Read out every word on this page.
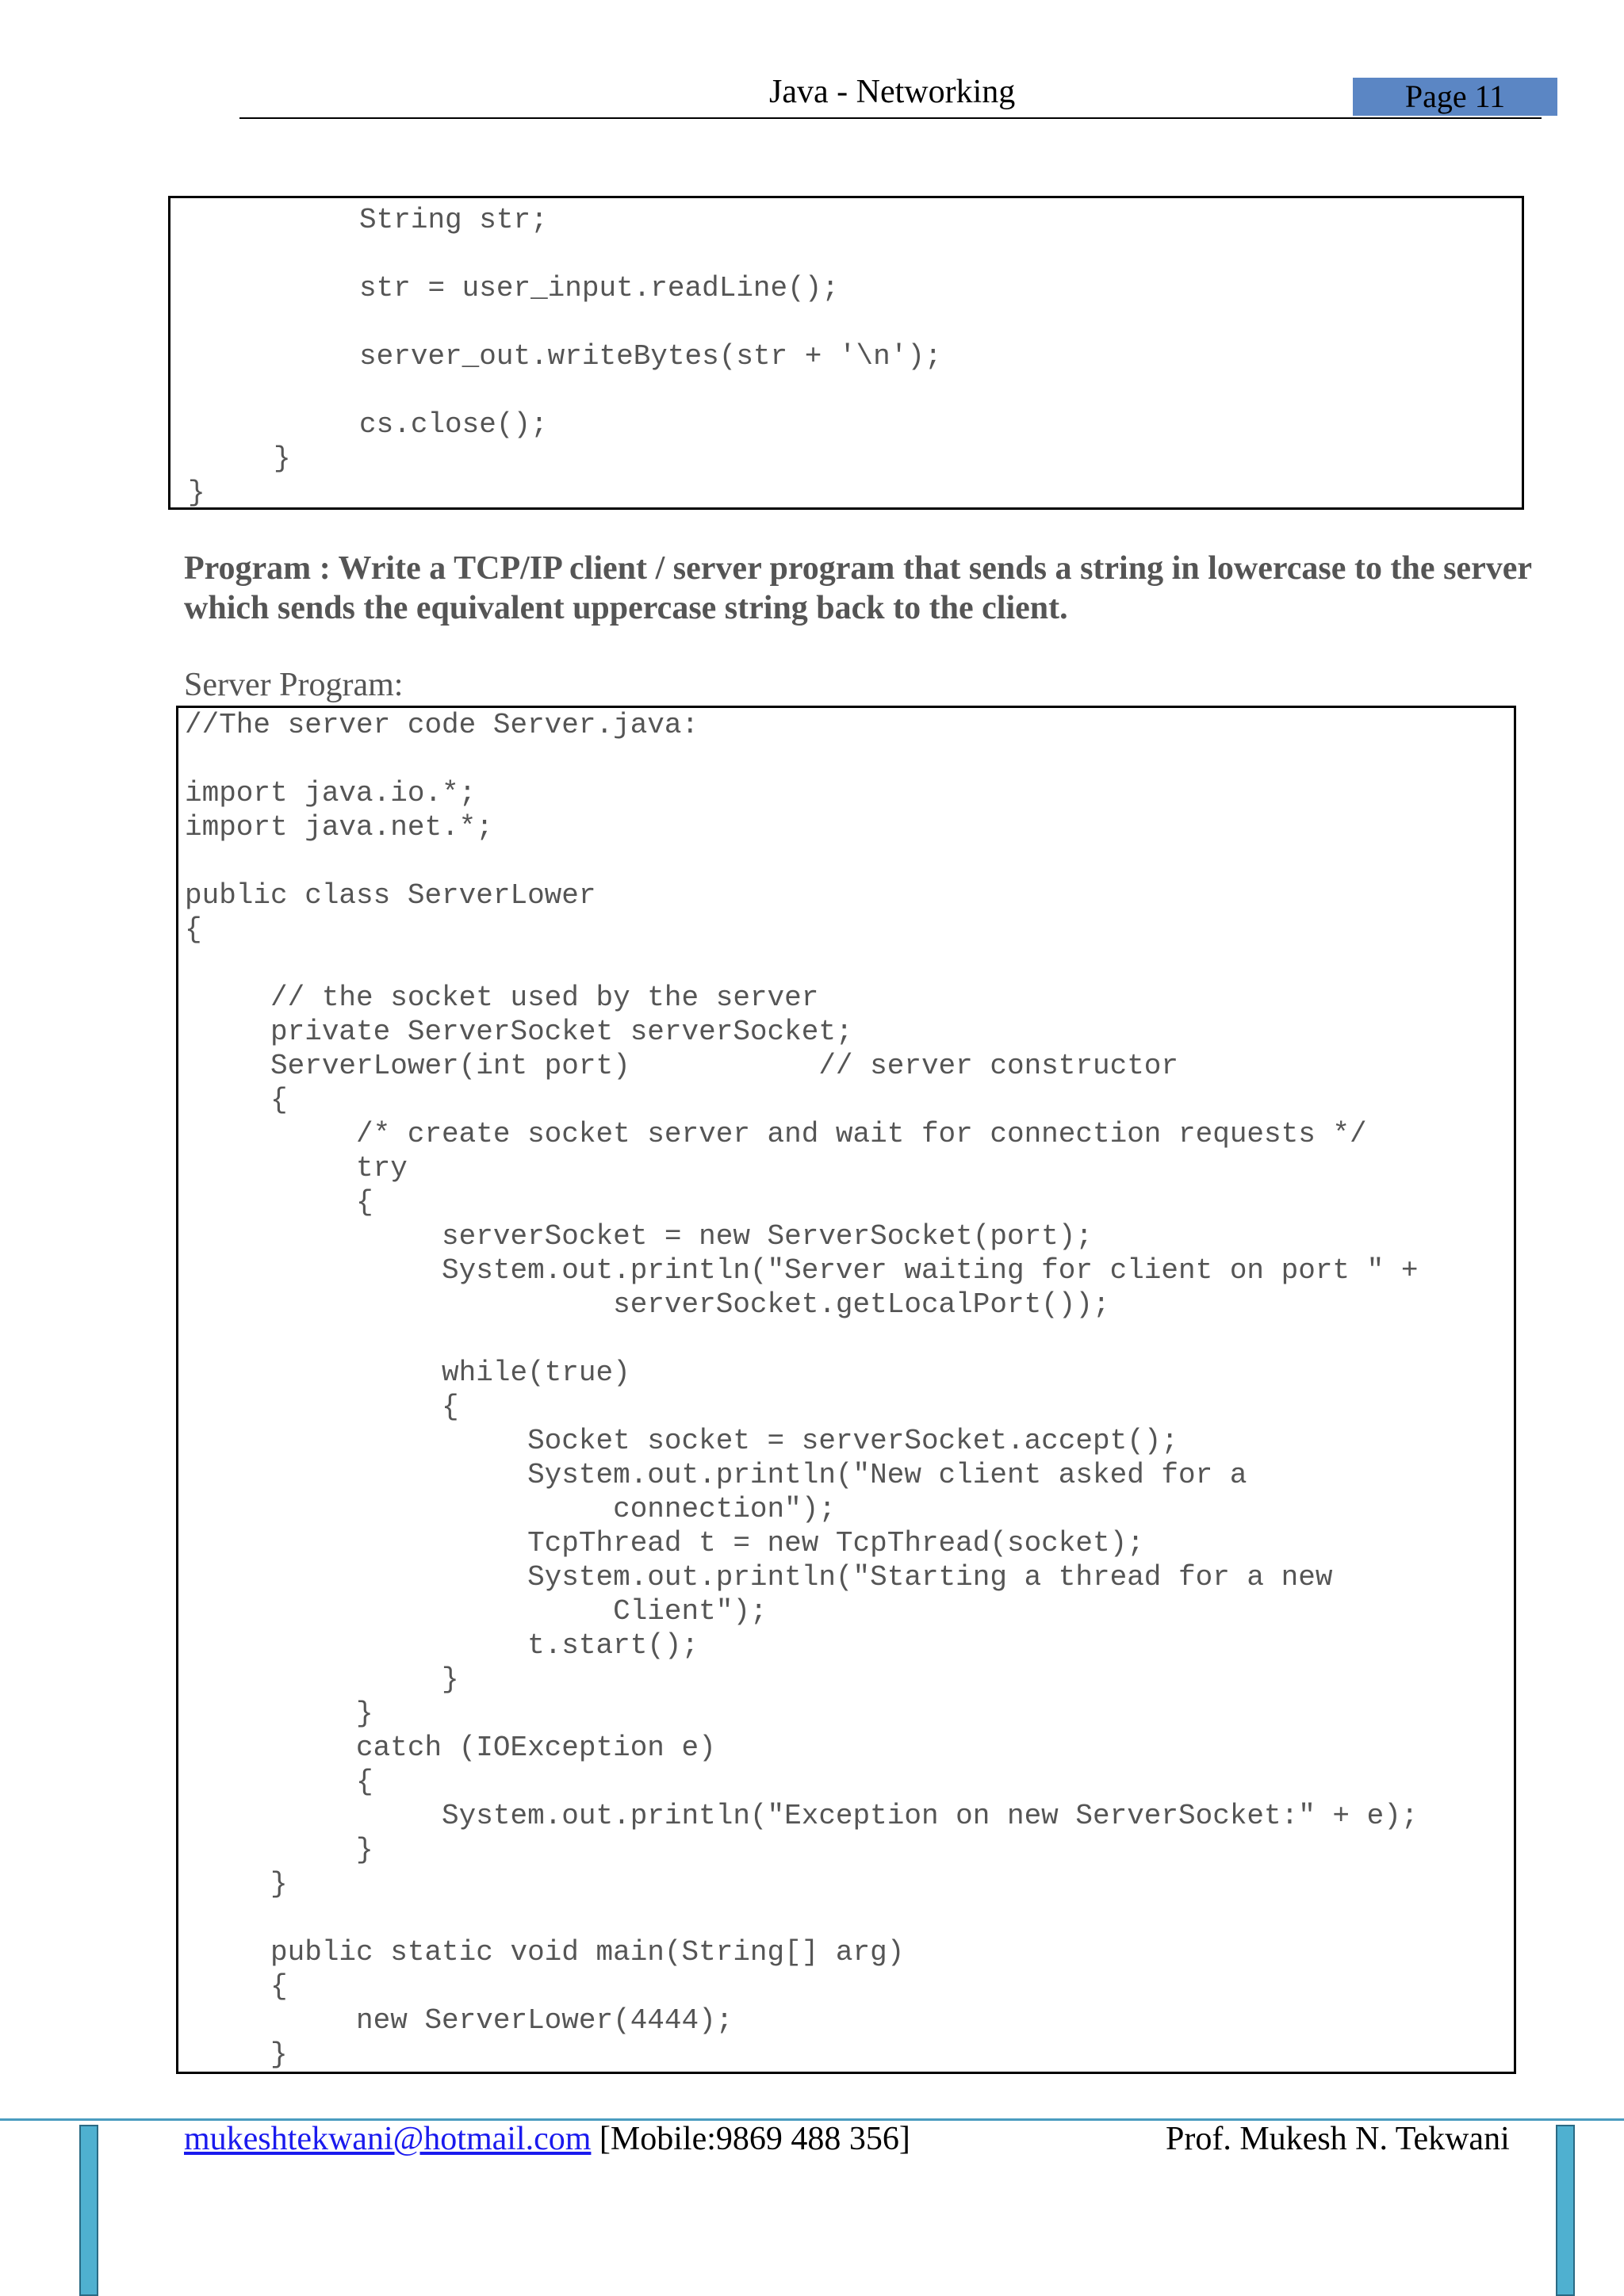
Java - Networking	Page 11
String str;

str = user_input.readLine();

server_out.writeBytes(str + '\n');

cs.close();
}
}
Program : Write a TCP/IP client / server program that sends a string in lowercase to the server which sends the equivalent uppercase string back to the client.
Server Program:
//The server code Server.java:

import java.io.*;
import java.net.*;

public class ServerLower
{

// the socket used by the server
private ServerSocket serverSocket;
ServerLower(int port)           // server constructor
{
/* create socket server and wait for connection requests */
try
{
serverSocket = new ServerSocket(port);
System.out.println("Server waiting for client on port " +
serverSocket.getLocalPort());

while(true)
{
Socket socket = serverSocket.accept();
System.out.println("New client asked for a
connection");
TcpThread t = new TcpThread(socket);
System.out.println("Starting a thread for a new
Client");
t.start();
}
}
catch (IOException e)
{
System.out.println("Exception on new ServerSocket:" + e);
}
}

public static void main(String[] arg)
{
new ServerLower(4444);
}
mukeshtekwani@hotmail.com [Mobile:9869 488 356]	Prof. Mukesh N. Tekwani
